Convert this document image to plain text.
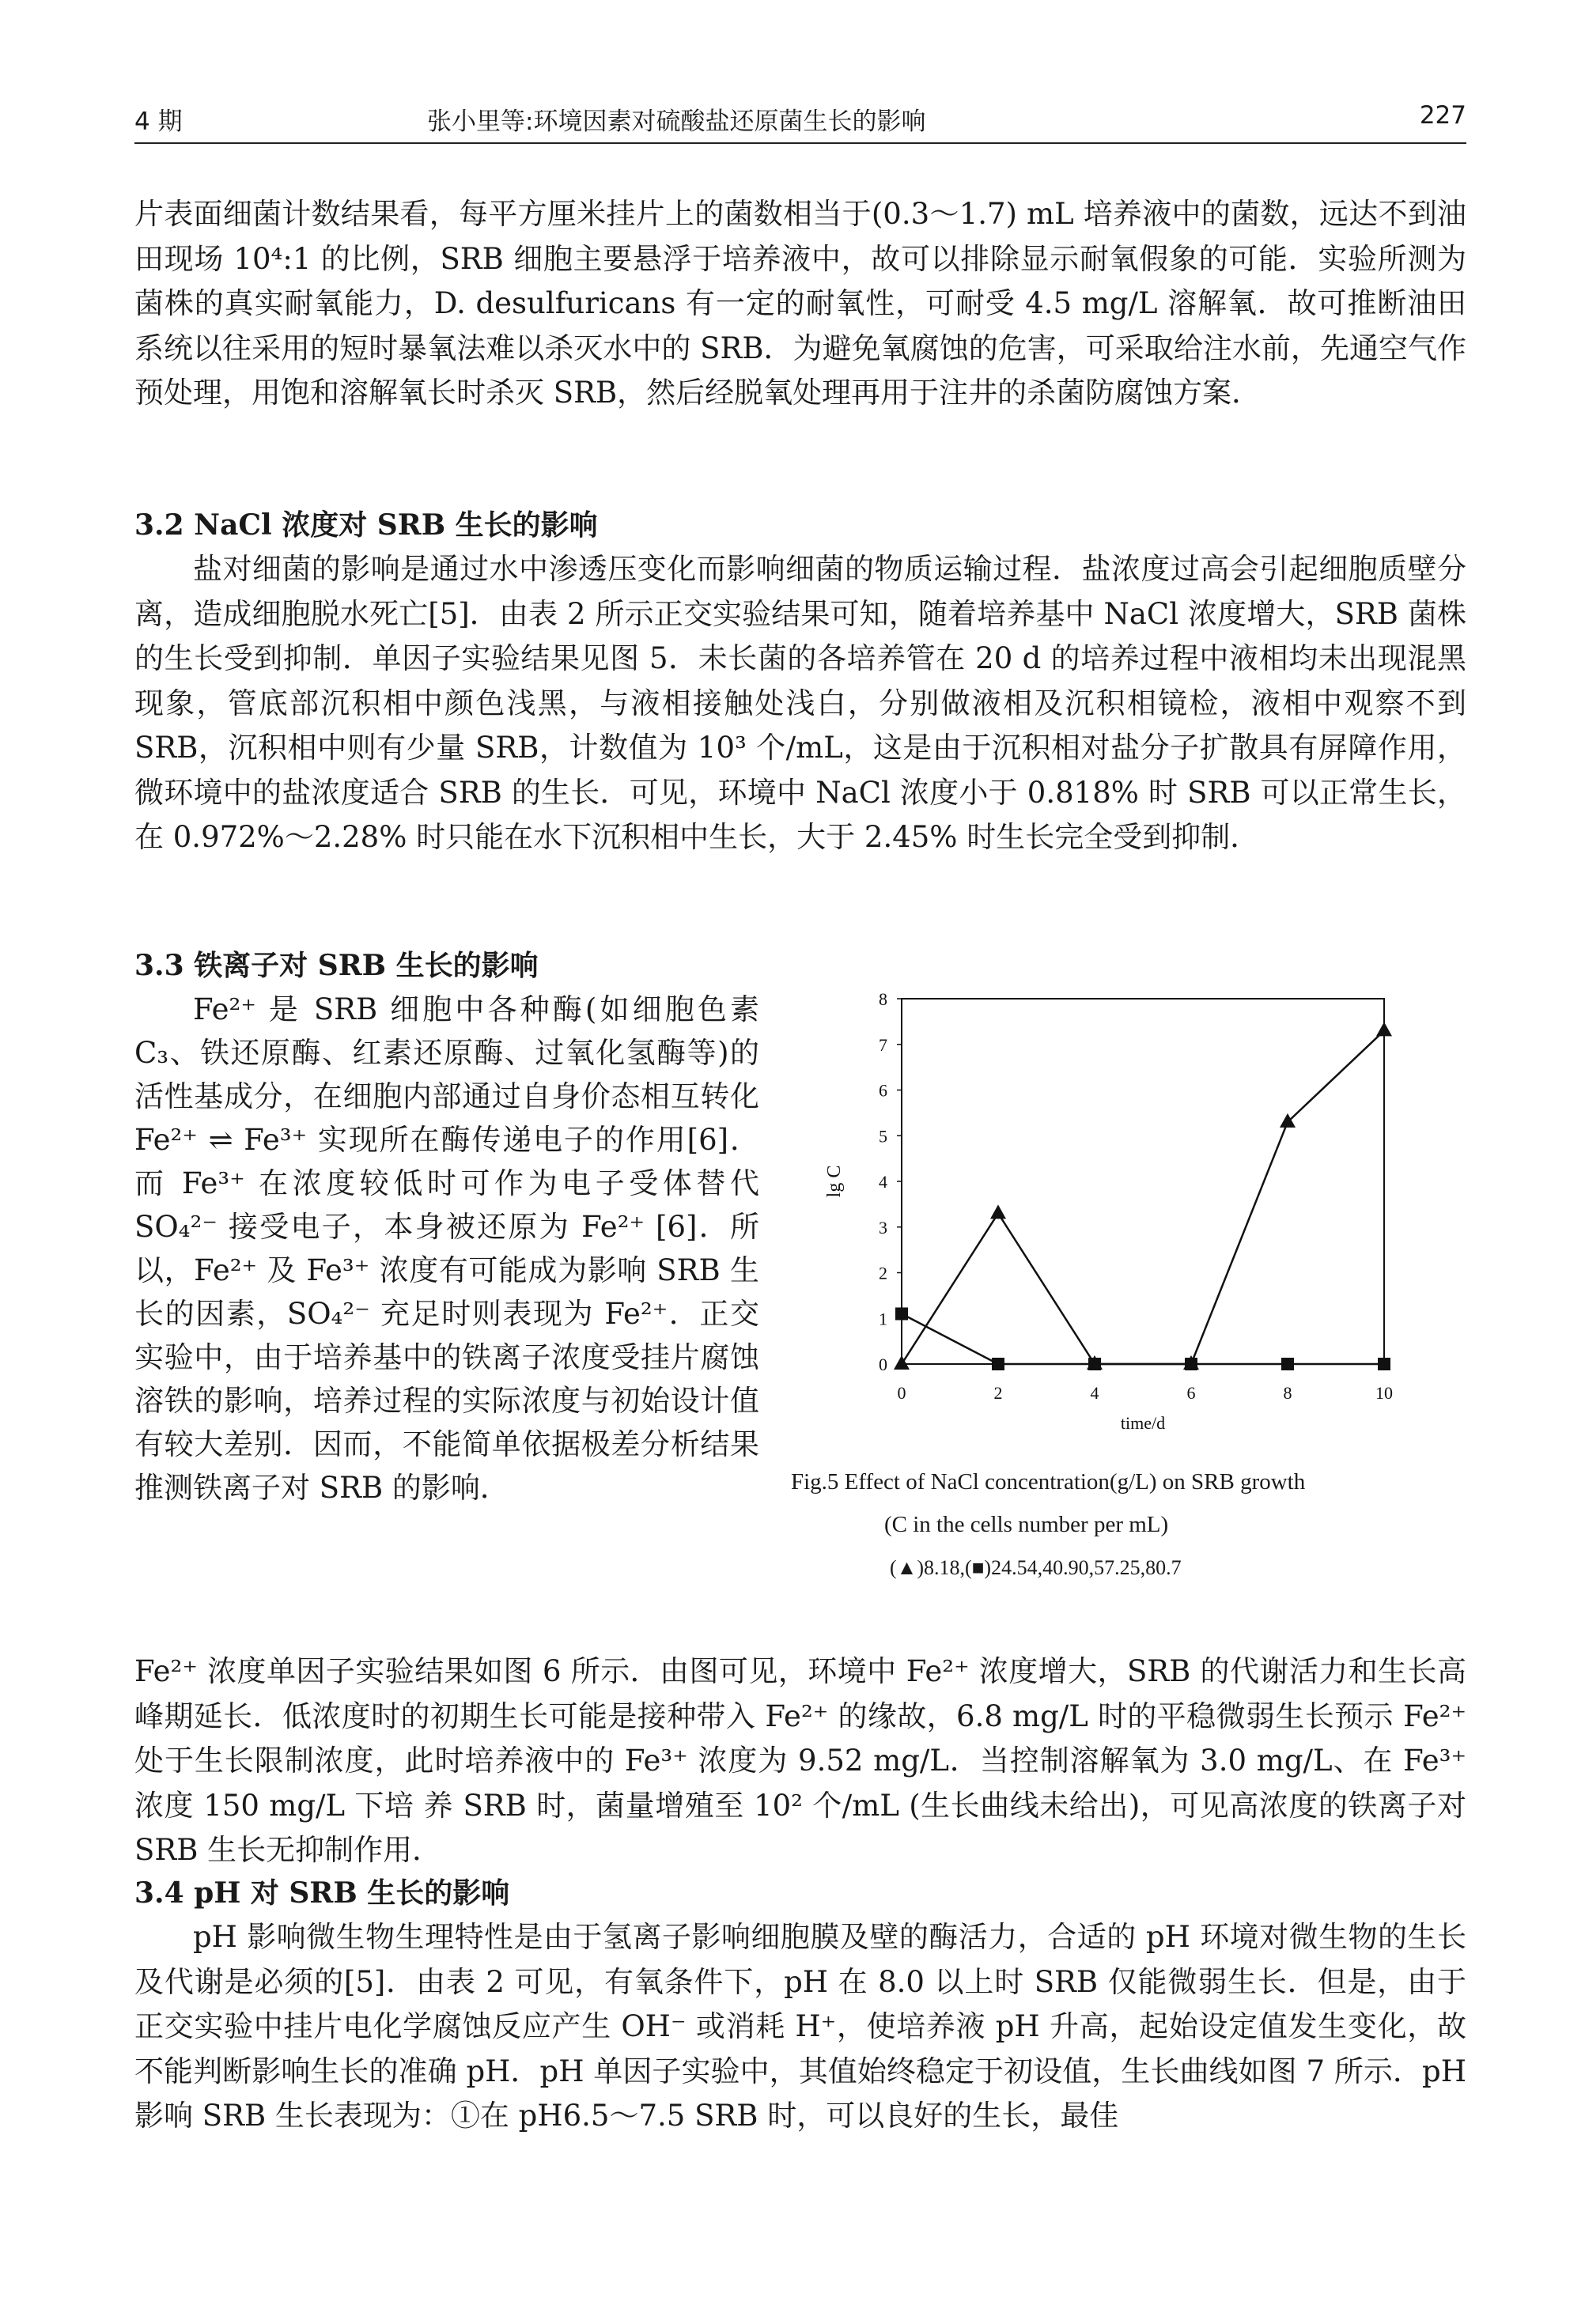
4 期	张小里等:环境因素对硫酸盐还原菌生长的影响	227

片表面细菌计数结果看，每平方厘米挂片上的菌数相当于(0.3～1.7) mL 培养液中的菌数，远达不到油田现场 10⁴:1 的比例，SRB 细胞主要悬浮于培养液中，故可以排除显示耐氧假象的可能．实验所测为菌株的真实耐氧能力，D. desulfuricans 有一定的耐氧性，可耐受 4.5 mg/L 溶解氧．故可推断油田系统以往采用的短时暴氧法难以杀灭水中的 SRB．为避免氧腐蚀的危害，可采取给注水前，先通空气作预处理，用饱和溶解氧长时杀灭 SRB，然后经脱氧处理再用于注井的杀菌防腐蚀方案．

3.2 NaCl 浓度对 SRB 生长的影响

盐对细菌的影响是通过水中渗透压变化而影响细菌的物质运输过程．盐浓度过高会引起细胞质壁分离，造成细胞脱水死亡[5]．由表 2 所示正交实验结果可知，随着培养基中 NaCl 浓度增大，SRB 菌株的生长受到抑制．单因子实验结果见图 5．未长菌的各培养管在 20 d 的培养过程中液相均未出现混黑现象，管底部沉积相中颜色浅黑，与液相接触处浅白，分别做液相及沉积相镜检，液相中观察不到 SRB，沉积相中则有少量 SRB，计数值为 10³ 个/mL，这是由于沉积相对盐分子扩散具有屏障作用，微环境中的盐浓度适合 SRB 的生长．可见，环境中 NaCl 浓度小于 0.818% 时 SRB 可以正常生长，在 0.972%～2.28% 时只能在水下沉积相中生长，大于 2.45% 时生长完全受到抑制．

3.3 铁离子对 SRB 生长的影响

Fe²⁺ 是 SRB 细胞中各种酶(如细胞色素 C₃、铁还原酶、红素还原酶、过氧化氢酶等)的活性基成分，在细胞内部通过自身价态相互转化 Fe²⁺ ⇌ Fe³⁺ 实现所在酶传递电子的作用[6]．而 Fe³⁺ 在浓度较低时可作为电子受体替代 SO₄²⁻ 接受电子，本身被还原为 Fe²⁺ [6]．所以，Fe²⁺ 及 Fe³⁺ 浓度有可能成为影响 SRB 生长的因素，SO₄²⁻ 充足时则表现为 Fe²⁺．正交实验中，由于培养基中的铁离子浓度受挂片腐蚀溶铁的影响，培养过程的实际浓度与初始设计值有较大差别．因而，不能简单依据极差分析结果推测铁离子对 SRB 的影响．

0
1
2
3
4
5
6
7
8
0	2	4	6	8	10
time/d
lg C
Fig.5 Effect of NaCl concentration(g/L) on SRB growth
(C in the cells number per mL)
(▲)8.18,(■)24.54,40.90,57.25,80.7

Fe²⁺ 浓度单因子实验结果如图 6 所示．由图可见，环境中 Fe²⁺ 浓度增大，SRB 的代谢活力和生长高峰期延长．低浓度时的初期生长可能是接种带入 Fe²⁺ 的缘故，6.8 mg/L 时的平稳微弱生长预示 Fe²⁺ 处于生长限制浓度，此时培养液中的 Fe³⁺ 浓度为 9.52 mg/L．当控制溶解氧为 3.0 mg/L、在 Fe³⁺ 浓度 150 mg/L 下培 养 SRB 时，菌量增殖至 10² 个/mL (生长曲线未给出)，可见高浓度的铁离子对 SRB 生长无抑制作用．

3.4 pH 对 SRB 生长的影响

pH 影响微生物生理特性是由于氢离子影响细胞膜及壁的酶活力，合适的 pH 环境对微生物的生长及代谢是必须的[5]．由表 2 可见，有氧条件下，pH 在 8.0 以上时 SRB 仅能微弱生长．但是，由于正交实验中挂片电化学腐蚀反应产生 OH⁻ 或消耗 H⁺，使培养液 pH 升高，起始设定值发生变化，故不能判断影响生长的准确 pH．pH 单因子实验中，其值始终稳定于初设值，生长曲线如图 7 所示．pH 影响 SRB 生长表现为：①在 pH6.5～7.5 SRB 时，可以良好的生长，最佳
